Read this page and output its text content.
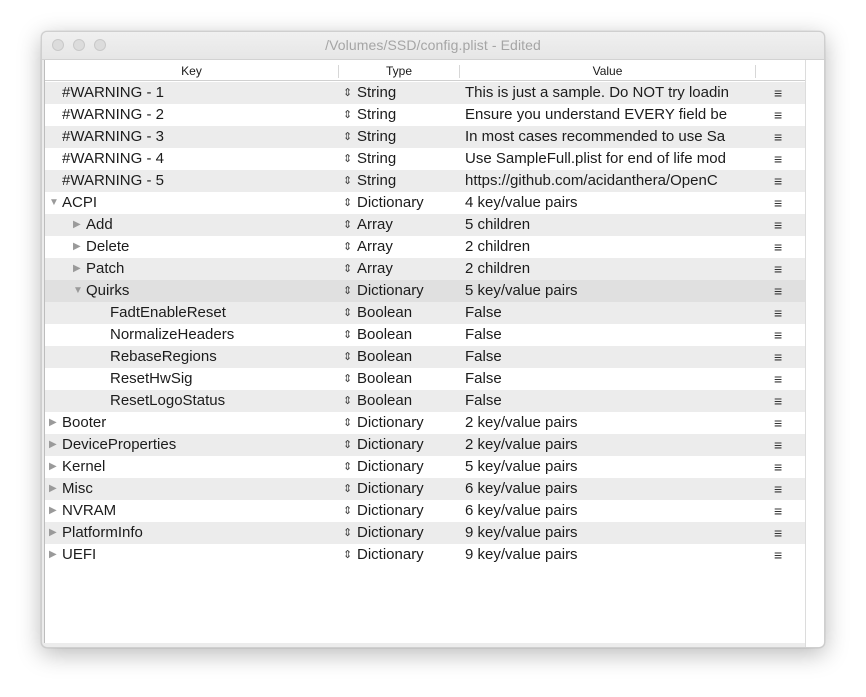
/Volumes/SSD/config.plist - Edited
Key	Type	Value
#WARNING - 1	⇕ String	This is just a sample. Do NOT try loadin	≡
#WARNING - 2	⇕ String	Ensure you understand EVERY field be	≡
#WARNING - 3	⇕ String	In most cases recommended to use Sa	≡
#WARNING - 4	⇕ String	Use SampleFull.plist for end of life mod	≡
#WARNING - 5	⇕ String	https://github.com/acidanthera/OpenC	≡
▼ ACPI	⇕ Dictionary	4 key/value pairs	≡
▶ Add	⇕ Array	5 children	≡
▶ Delete	⇕ Array	2 children	≡
▶ Patch	⇕ Array	2 children	≡
▼ Quirks	⇕ Dictionary	5 key/value pairs	≡
FadtEnableReset	⇕ Boolean	False	≡
NormalizeHeaders	⇕ Boolean	False	≡
RebaseRegions	⇕ Boolean	False	≡
ResetHwSig	⇕ Boolean	False	≡
ResetLogoStatus	⇕ Boolean	False	≡
▶ Booter	⇕ Dictionary	2 key/value pairs	≡
▶ DeviceProperties	⇕ Dictionary	2 key/value pairs	≡
▶ Kernel	⇕ Dictionary	5 key/value pairs	≡
▶ Misc	⇕ Dictionary	6 key/value pairs	≡
▶ NVRAM	⇕ Dictionary	6 key/value pairs	≡
▶ PlatformInfo	⇕ Dictionary	9 key/value pairs	≡
▶ UEFI	⇕ Dictionary	9 key/value pairs	≡
